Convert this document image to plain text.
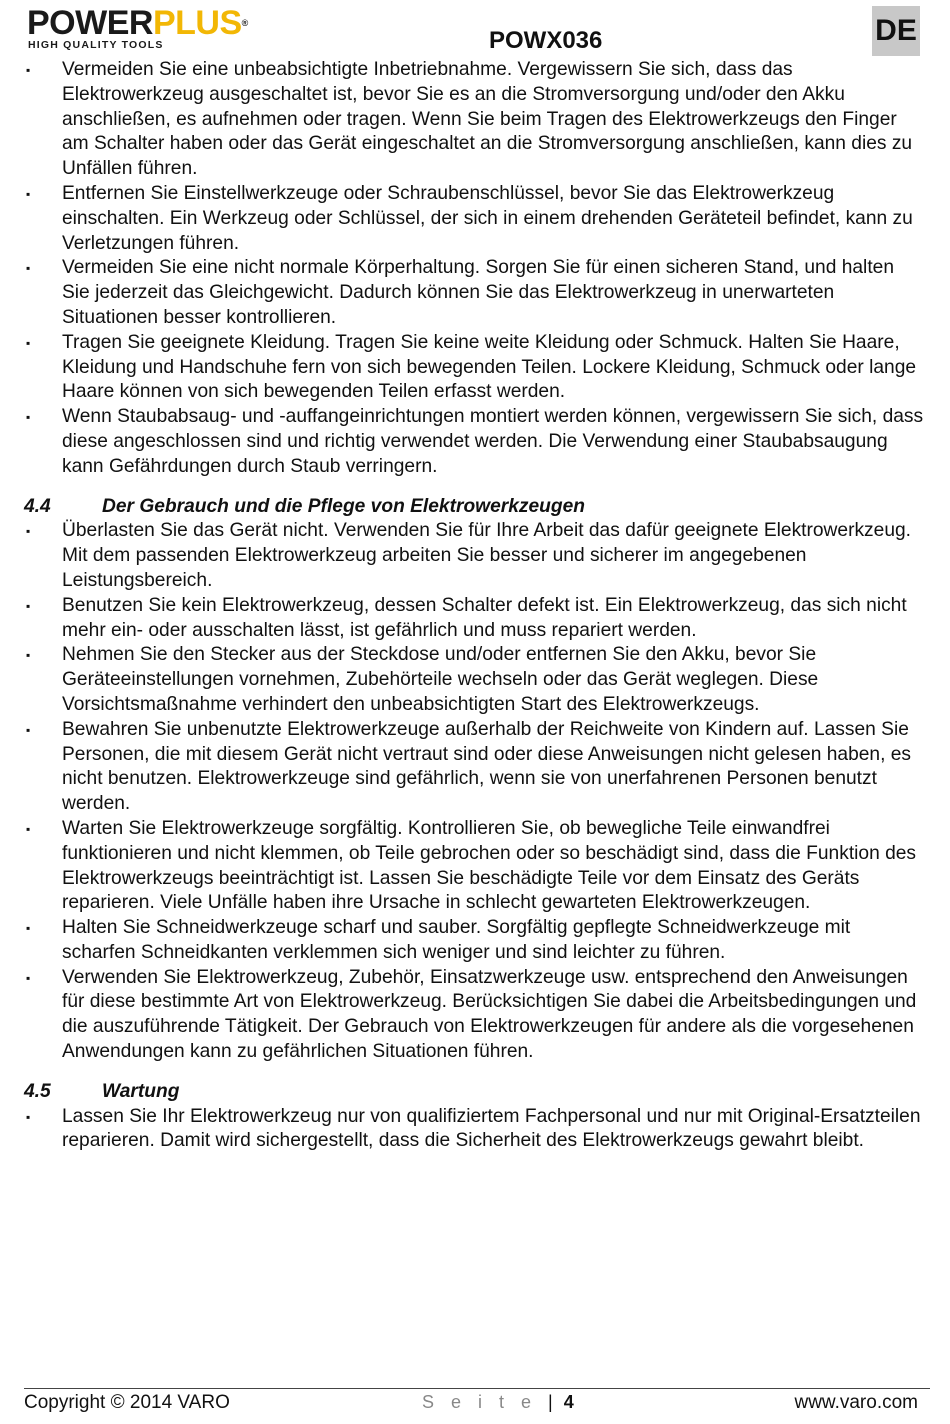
POWERPLUS®
HIGH QUALITY TOOLS	POWX036	DE
▪ Vermeiden Sie eine unbeabsichtigte Inbetriebnahme. Vergewissern Sie sich, dass das Elektrowerkzeug ausgeschaltet ist, bevor Sie es an die Stromversorgung und/oder den Akku anschließen, es aufnehmen oder tragen. Wenn Sie beim Tragen des Elektrowerkzeugs den Finger am Schalter haben oder das Gerät eingeschaltet an die Stromversorgung anschließen, kann dies zu Unfällen führen.
▪ Entfernen Sie Einstellwerkzeuge oder Schraubenschlüssel, bevor Sie das Elektrowerkzeug einschalten. Ein Werkzeug oder Schlüssel, der sich in einem drehenden Geräteteil befindet, kann zu Verletzungen führen.
▪ Vermeiden Sie eine nicht normale Körperhaltung. Sorgen Sie für einen sicheren Stand, und halten Sie jederzeit das Gleichgewicht. Dadurch können Sie das Elektrowerkzeug in unerwarteten Situationen besser kontrollieren.
▪ Tragen Sie geeignete Kleidung. Tragen Sie keine weite Kleidung oder Schmuck. Halten Sie Haare, Kleidung und Handschuhe fern von sich bewegenden Teilen. Lockere Kleidung, Schmuck oder lange Haare können von sich bewegenden Teilen erfasst werden.
▪ Wenn Staubabsaug- und -auffangeinrichtungen montiert werden können, vergewissern Sie sich, dass diese angeschlossen sind und richtig verwendet werden. Die Verwendung einer Staubabsaugung kann Gefährdungen durch Staub verringern.
4.4	Der Gebrauch und die Pflege von Elektrowerkzeugen
▪ Überlasten Sie das Gerät nicht. Verwenden Sie für Ihre Arbeit das dafür geeignete Elektrowerkzeug. Mit dem passenden Elektrowerkzeug arbeiten Sie besser und sicherer im angegebenen Leistungsbereich.
▪ Benutzen Sie kein Elektrowerkzeug, dessen Schalter defekt ist. Ein Elektrowerkzeug, das sich nicht mehr ein- oder ausschalten lässt, ist gefährlich und muss repariert werden.
▪ Nehmen Sie den Stecker aus der Steckdose und/oder entfernen Sie den Akku, bevor Sie Geräteeinstellungen vornehmen, Zubehörteile wechseln oder das Gerät weglegen. Diese Vorsichtsmaßnahme verhindert den unbeabsichtigten Start des Elektrowerkzeugs.
▪ Bewahren Sie unbenutzte Elektrowerkzeuge außerhalb der Reichweite von Kindern auf. Lassen Sie Personen, die mit diesem Gerät nicht vertraut sind oder diese Anweisungen nicht gelesen haben, es nicht benutzen. Elektrowerkzeuge sind gefährlich, wenn sie von unerfahrenen Personen benutzt werden.
▪ Warten Sie Elektrowerkzeuge sorgfältig. Kontrollieren Sie, ob bewegliche Teile einwandfrei funktionieren und nicht klemmen, ob Teile gebrochen oder so beschädigt sind, dass die Funktion des Elektrowerkzeugs beeinträchtigt ist. Lassen Sie beschädigte Teile vor dem Einsatz des Geräts reparieren. Viele Unfälle haben ihre Ursache in schlecht gewarteten Elektrowerkzeugen.
▪ Halten Sie Schneidwerkzeuge scharf und sauber. Sorgfältig gepflegte Schneidwerkzeuge mit scharfen Schneidkanten verklemmen sich weniger und sind leichter zu führen.
▪ Verwenden Sie Elektrowerkzeug, Zubehör, Einsatzwerkzeuge usw. entsprechend den Anweisungen für diese bestimmte Art von Elektrowerkzeug. Berücksichtigen Sie dabei die Arbeitsbedingungen und die auszuführende Tätigkeit. Der Gebrauch von Elektrowerkzeugen für andere als die vorgesehenen Anwendungen kann zu gefährlichen Situationen führen.
4.5	Wartung
▪ Lassen Sie Ihr Elektrowerkzeug nur von qualifiziertem Fachpersonal und nur mit Original-Ersatzteilen reparieren. Damit wird sichergestellt, dass die Sicherheit des Elektrowerkzeugs gewahrt bleibt.
Copyright © 2014 VARO	S e i t e | 4	www.varo.com
